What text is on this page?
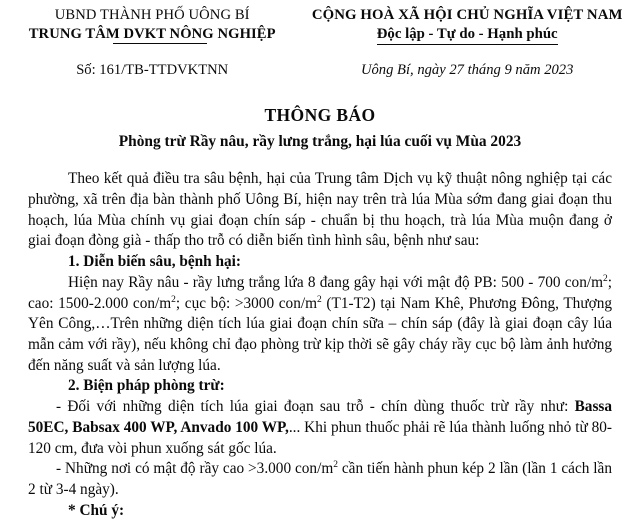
UBND THÀNH PHỐ UÔNG BÍ
TRUNG TÂM DVKT NÔNG NGHIỆP
CỘNG HOÀ XÃ HỘI CHỦ NGHĨA VIỆT NAM
Độc lập - Tự do - Hạnh phúc
Số: 161/TB-TTDVKTNN	Uông Bí, ngày 27 tháng 9 năm 2023
THÔNG BÁO
Phòng trừ Rầy nâu, rầy lưng trắng, hại lúa cuối vụ Mùa 2023

Theo kết quả điều tra sâu bệnh, hại của Trung tâm Dịch vụ kỹ thuật nông nghiệp tại các phường, xã trên địa bàn thành phố Uông Bí, hiện nay trên trà lúa Mùa sớm đang giai đoạn thu hoạch, lúa Mùa chính vụ giai đoạn chín sáp - chuẩn bị thu hoạch, trà lúa Mùa muộn đang ở giai đoạn đòng già - thấp tho trỗ có diễn biến tình hình sâu, bệnh như sau:

1. Diễn biến sâu, bệnh hại:

Hiện nay Rầy nâu - rầy lưng trắng lứa 8 đang gây hại với mật độ PB: 500 - 700 con/$m^2$; cao: 1500-2.000 con/$m^2$; cục bộ: >3000 con/$m^2$ (T1-T2) tại Nam Khê, Phương Đông, Thượng Yên Công,…Trên những diện tích lúa giai đoạn chín sữa – chín sáp (đây là giai đoạn cây lúa mẫn cảm với rầy), nếu không chỉ đạo phòng trừ kịp thời sẽ gây cháy rầy cục bộ làm ảnh hưởng đến năng suất và sản lượng lúa.

2. Biện pháp phòng trừ:

- Đối với những diện tích lúa giai đoạn sau trỗ - chín dùng thuốc trừ rầy như: Bassa 50EC, Babsax 400 WP, Anvado 100 WP,... Khi phun thuốc phải rẽ lúa thành luống nhỏ từ 80-120 cm, đưa vòi phun xuống sát gốc lúa.

- Những nơi có mật độ rầy cao >3.000 con/$m^2$ cần tiến hành phun kép 2 lần (lần 1 cách lần 2 từ 3-4 ngày).

* Chú ý:
